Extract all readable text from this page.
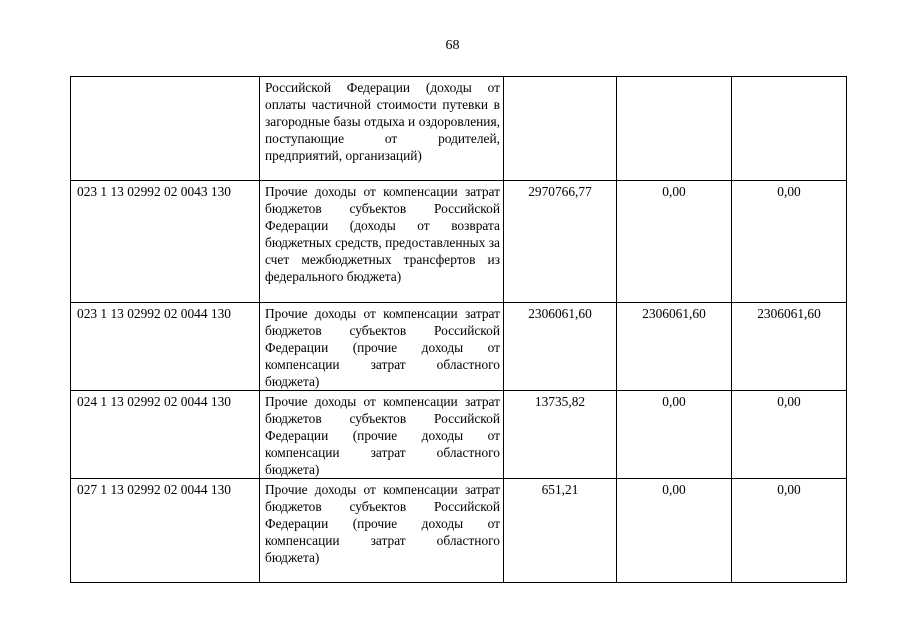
68

	Российской Федерации (доходы от оплаты частичной стоимости путевки в загородные базы отдыха и оздоровления, поступающие от родителей, предприятий, организаций)			

023 1 13 02992 02 0043 130	Прочие доходы от компенсации затрат бюджетов субъектов Российской Федерации (доходы от возврата бюджетных средств, предоставленных за счет межбюджетных трансфертов из федерального бюджета)	2970766,77	0,00	0,00
023 1 13 02992 02 0044 130	Прочие доходы от компенсации затрат бюджетов субъектов Российской Федерации (прочие доходы от компенсации затрат областного бюджета)	2306061,60	2306061,60	2306061,60
024 1 13 02992 02 0044 130	Прочие доходы от компенсации затрат бюджетов субъектов Российской Федерации (прочие доходы от компенсации затрат областного бюджета)	13735,82	0,00	0,00
027 1 13 02992 02 0044 130	Прочие доходы от компенсации затрат бюджетов субъектов Российской Федерации (прочие доходы от компенсации затрат областного бюджета)	651,21	0,00	0,00
